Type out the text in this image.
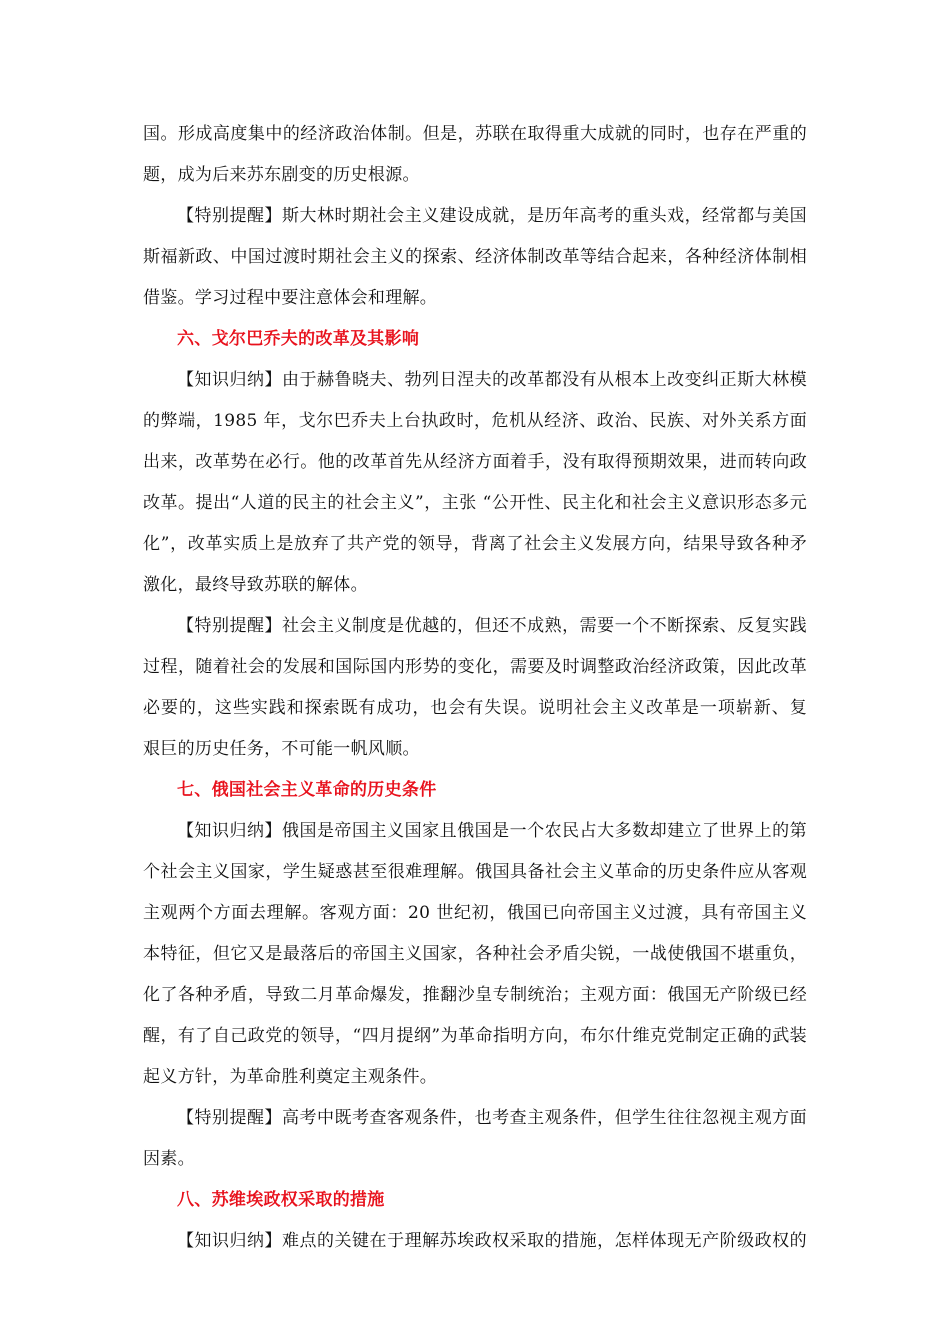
国。形成高度集中的经济政治体制。但是，苏联在取得重大成就的同时，也存在严重的
题，成为后来苏东剧变的历史根源。
【特别提醒】斯大林时期社会主义建设成就，是历年高考的重头戏，经常都与美国
斯福新政、中国过渡时期社会主义的探索、经济体制改革等结合起来，各种经济体制相
借鉴。学习过程中要注意体会和理解。
六、戈尔巴乔夫的改革及其影响
【知识归纳】由于赫鲁晓夫、勃列日涅夫的改革都没有从根本上改变纠正斯大林模
的弊端，1985 年，戈尔巴乔夫上台执政时，危机从经济、政治、民族、对外关系方面
出来，改革势在必行。他的改革首先从经济方面着手，没有取得预期效果，进而转向政
改革。提出“人道的民主的社会主义”，主张 “公开性、民主化和社会主义意识形态多元
化”，改革实质上是放弃了共产党的领导，背离了社会主义发展方向，结果导致各种矛
激化，最终导致苏联的解体。
【特别提醒】社会主义制度是优越的，但还不成熟，需要一个不断探索、反复实践
过程，随着社会的发展和国际国内形势的变化，需要及时调整政治经济政策，因此改革
必要的，这些实践和探索既有成功，也会有失误。说明社会主义改革是一项崭新、复
艰巨的历史任务，不可能一帆风顺。
七、俄国社会主义革命的历史条件
【知识归纳】俄国是帝国主义国家且俄国是一个农民占大多数却建立了世界上的第
个社会主义国家，学生疑惑甚至很难理解。俄国具备社会主义革命的历史条件应从客观
主观两个方面去理解。客观方面：20 世纪初，俄国已向帝国主义过渡，具有帝国主义
本特征，但它又是最落后的帝国主义国家，各种社会矛盾尖锐，一战使俄国不堪重负，
化了各种矛盾，导致二月革命爆发，推翻沙皇专制统治；主观方面：俄国无产阶级已经
醒，有了自己政党的领导，“四月提纲”为革命指明方向，布尔什维克党制定正确的武装
起义方针，为革命胜利奠定主观条件。
【特别提醒】高考中既考查客观条件，也考查主观条件，但学生往往忽视主观方面
因素。
八、苏维埃政权采取的措施
【知识归纳】难点的关键在于理解苏埃政权采取的措施，怎样体现无产阶级政权的
